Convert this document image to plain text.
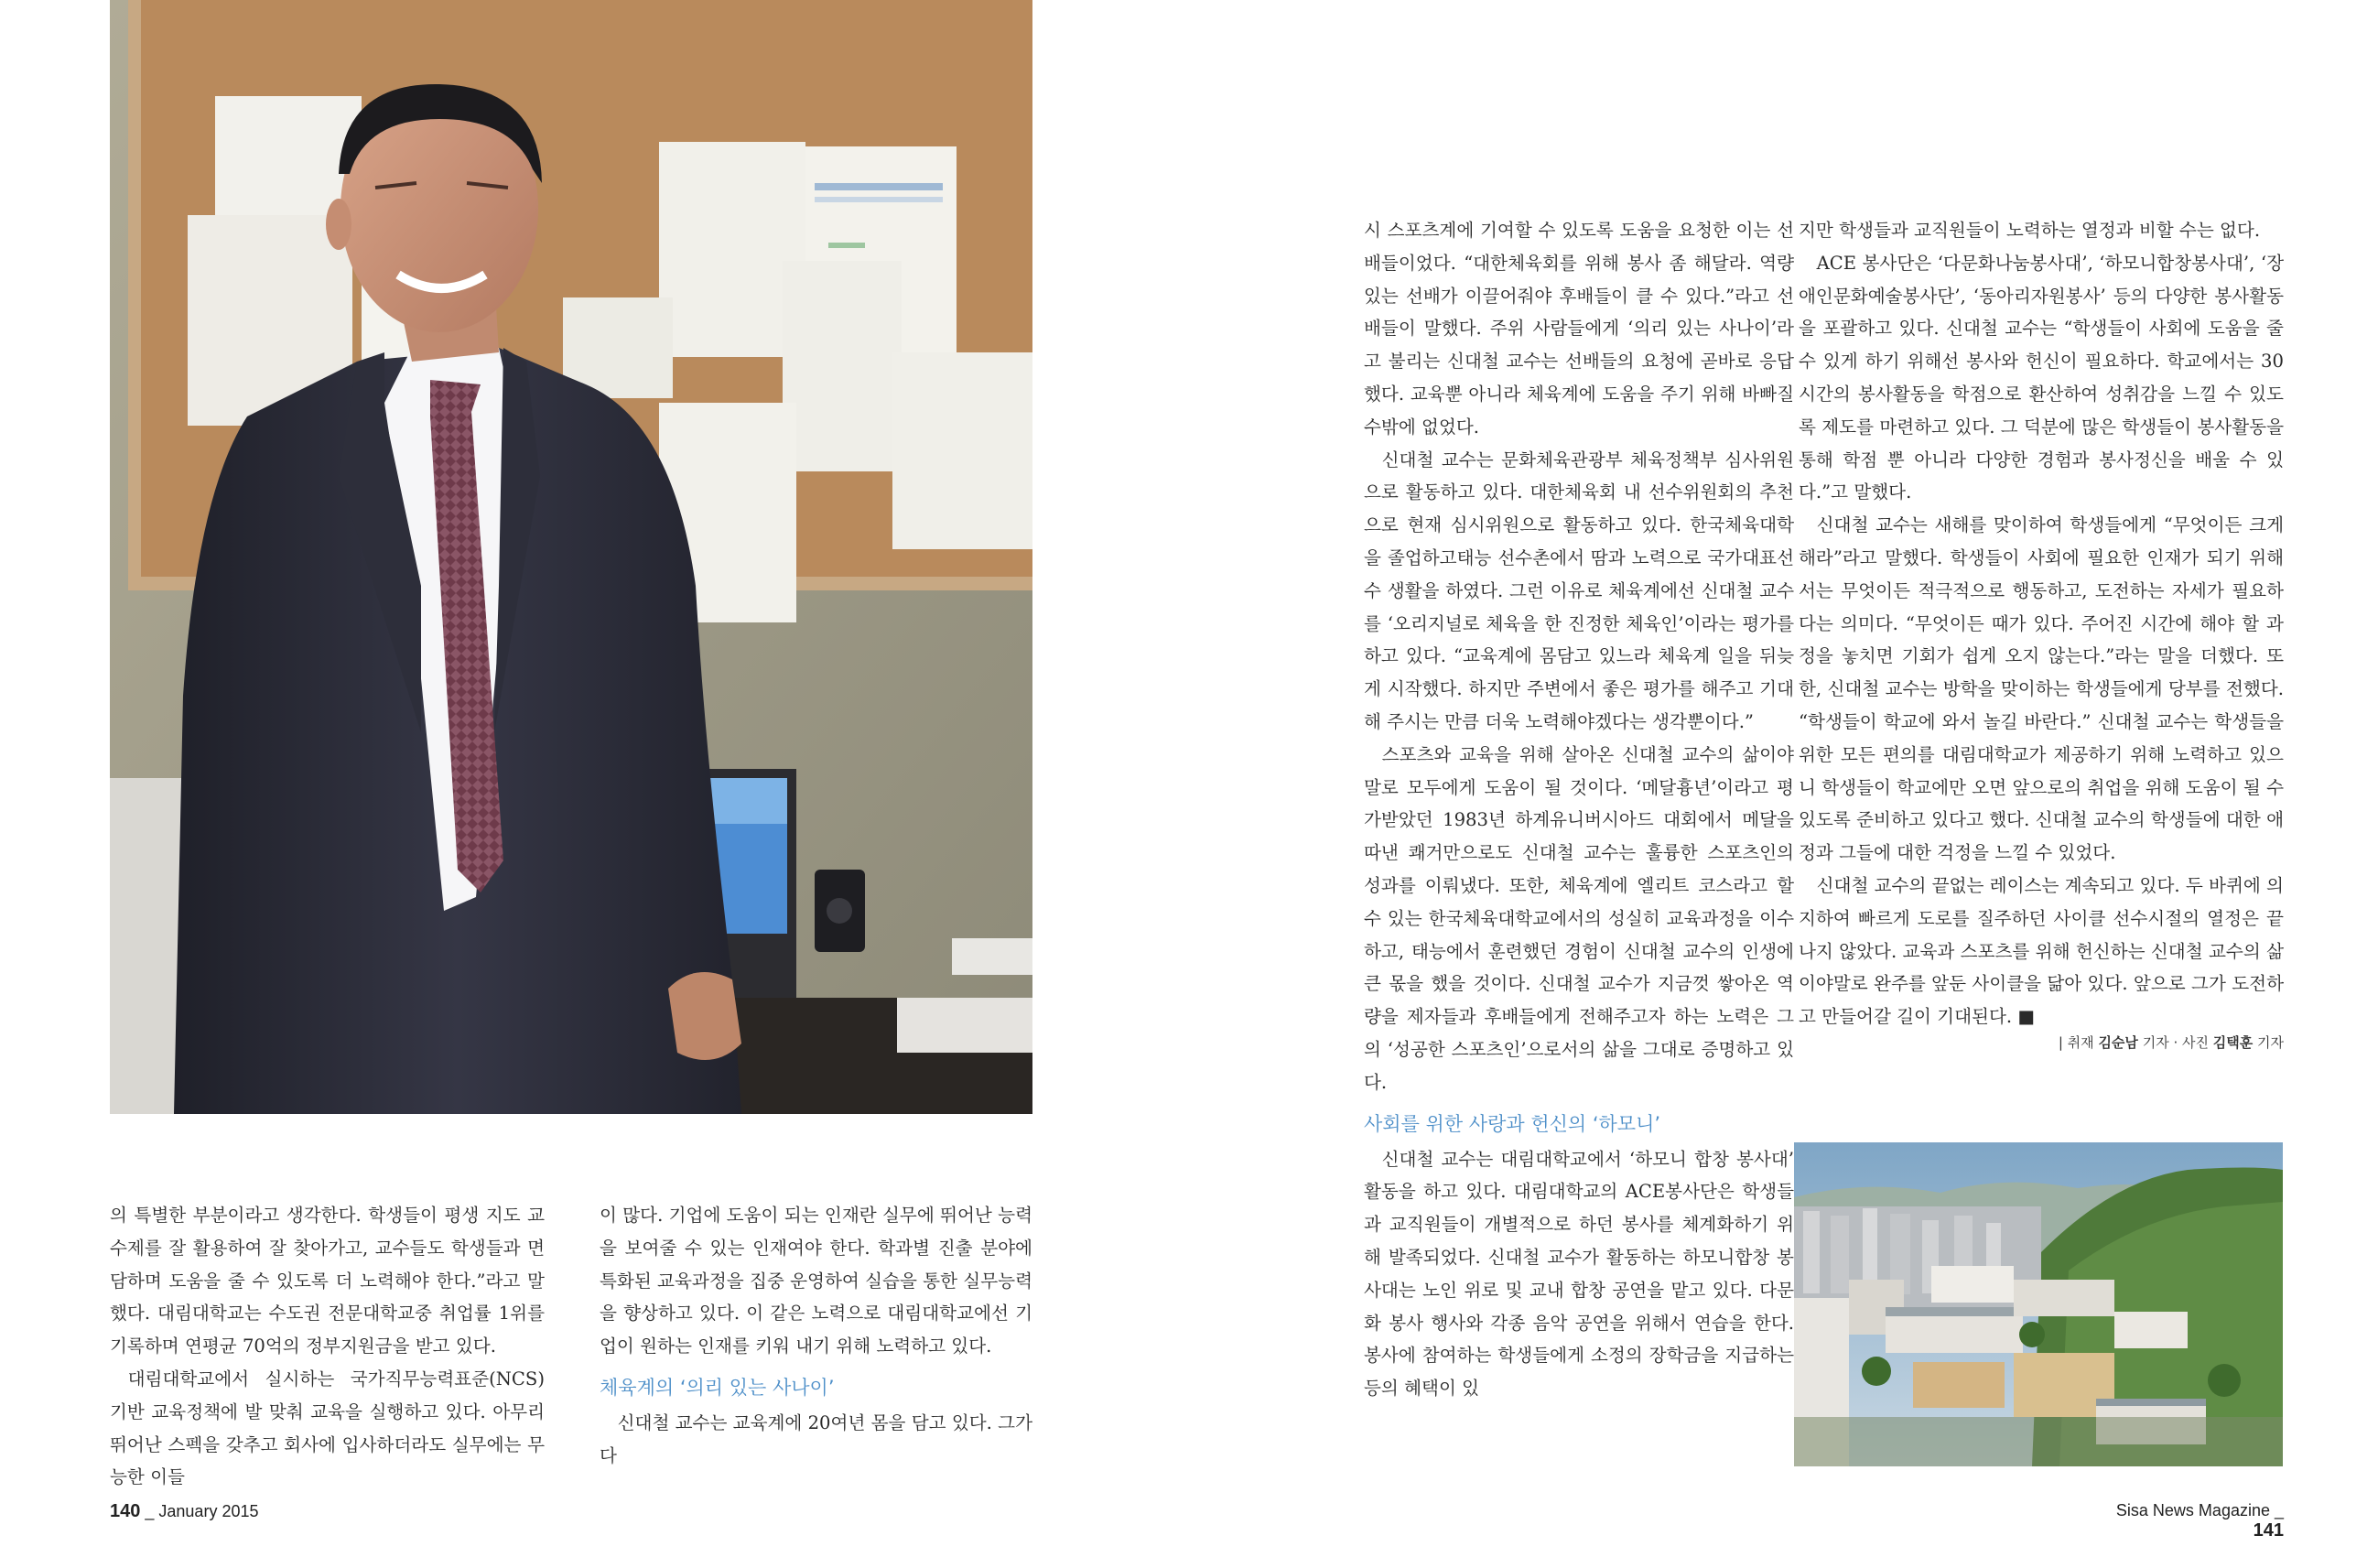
의 특별한 부분이라고 생각한다. 학생들이 평생 지도 교수제를 잘 활용하여 잘 찾아가고, 교수들도 학생들과 면담하며 도움을 줄 수 있도록 더 노력해야 한다.”라고 말했다. 대림대학교는 수도권 전문대학교중 취업률 1위를 기록하며 연평균 70억의 정부지원금을 받고 있다.

대림대학교에서 실시하는 국가직무능력표준(NCS) 기반 교육정책에 발 맞춰 교육을 실행하고 있다. 아무리 뛰어난 스펙을 갖추고 회사에 입사하더라도 실무에는 무능한 이들

이 많다. 기업에 도움이 되는 인재란 실무에 뛰어난 능력을 보여줄 수 있는 인재여야 한다. 학과별 진출 분야에 특화된 교육과정을 집중 운영하여 실습을 통한 실무능력을 향상하고 있다. 이 같은 노력으로 대림대학교에선 기업이 원하는 인재를 키워 내기 위해 노력하고 있다.

체육계의 ‘의리 있는 사나이’

신대철 교수는 교육계에 20여년 몸을 담고 있다. 그가 다

시 스포츠계에 기여할 수 있도록 도움을 요청한 이는 선배들이었다. “대한체육회를 위해 봉사 좀 해달라. 역량 있는 선배가 이끌어줘야 후배들이 클 수 있다.”라고 선배들이 말했다. 주위 사람들에게 ‘의리 있는 사나이’라고 불리는 신대철 교수는 선배들의 요청에 곧바로 응답했다. 교육뿐 아니라 체육계에 도움을 주기 위해 바빠질 수밖에 없었다.

신대철 교수는 문화체육관광부 체육정책부 심사위원으로 활동하고 있다. 대한체육회 내 선수위원회의 추천으로 현재 심시위원으로 활동하고 있다. 한국체육대학을 졸업하고태능 선수촌에서 땀과 노력으로 국가대표선수 생활을 하였다. 그런 이유로 체육계에선 신대철 교수를 ‘오리지널로 체육을 한 진정한 체육인’이라는 평가를 하고 있다. “교육계에 몸담고 있느라 체육계 일을 뒤늦게 시작했다. 하지만 주변에서 좋은 평가를 해주고 기대해 주시는 만큼 더욱 노력해야겠다는 생각뿐이다.”

스포츠와 교육을 위해 살아온 신대철 교수의 삶이야말로 모두에게 도움이 될 것이다. ‘메달흉년’이라고 평가받았던 1983년 하계유니버시아드 대회에서 메달을 따낸 쾌거만으로도 신대철 교수는 훌륭한 스포츠인의 성과를 이뤄냈다. 또한, 체육계에 엘리트 코스라고 할 수 있는 한국체육대학교에서의 성실히 교육과정을 이수하고, 태능에서 훈련했던 경험이 신대철 교수의 인생에 큰 몫을 했을 것이다. 신대철 교수가 지금껏 쌓아온 역량을 제자들과 후배들에게 전해주고자 하는 노력은 그의 ‘성공한 스포츠인’으로서의 삶을 그대로 증명하고 있다.

사회를 위한 사랑과 헌신의 ‘하모니’

신대철 교수는 대림대학교에서 ‘하모니 합창 봉사대’ 활동을 하고 있다. 대림대학교의 ACE봉사단은 학생들과 교직원들이 개별적으로 하던 봉사를 체계화하기 위해 발족되었다. 신대철 교수가 활동하는 하모니합창 봉사대는 노인 위로 및 교내 합창 공연을 맡고 있다. 다문화 봉사 행사와 각종 음악 공연을 위해서 연습을 한다. 봉사에 참여하는 학생들에게 소정의 장학금을 지급하는 등의 혜택이 있

지만 학생들과 교직원들이 노력하는 열정과 비할 수는 없다.

ACE 봉사단은 ‘다문화나눔봉사대’, ‘하모니합창봉사대’, ‘장애인문화예술봉사단’, ‘동아리자원봉사’ 등의 다양한 봉사활동을 포괄하고 있다. 신대철 교수는 “학생들이 사회에 도움을 줄 수 있게 하기 위해선 봉사와 헌신이 필요하다. 학교에서는 30시간의 봉사활동을 학점으로 환산하여 성취감을 느낄 수 있도록 제도를 마련하고 있다. 그 덕분에 많은 학생들이 봉사활동을 통해 학점 뿐 아니라 다양한 경험과 봉사정신을 배울 수 있다.”고 말했다.

신대철 교수는 새해를 맞이하여 학생들에게 “무엇이든 크게 해라”라고 말했다. 학생들이 사회에 필요한 인재가 되기 위해서는 무엇이든 적극적으로 행동하고, 도전하는 자세가 필요하다는 의미다. “무엇이든 때가 있다. 주어진 시간에 해야 할 과정을 놓치면 기회가 쉽게 오지 않는다.”라는 말을 더했다. 또한, 신대철 교수는 방학을 맞이하는 학생들에게 당부를 전했다. “학생들이 학교에 와서 놀길 바란다.” 신대철 교수는 학생들을 위한 모든 편의를 대림대학교가 제공하기 위해 노력하고 있으니 학생들이 학교에만 오면 앞으로의 취업을 위해 도움이 될 수 있도록 준비하고 있다고 했다. 신대철 교수의 학생들에 대한 애정과 그들에 대한 걱정을 느낄 수 있었다.

신대철 교수의 끝없는 레이스는 계속되고 있다. 두 바퀴에 의지하여 빠르게 도로를 질주하던 사이클 선수시절의 열정은 끝나지 않았다. 교육과 스포츠를 위해 헌신하는 신대철 교수의 삶이야말로 완주를 앞둔 사이클을 닮아 있다. 앞으로 그가 도전하고 만들어갈 길이 기대된다. ■

| 취재 김순남 기자 · 사진 김택훈 기자
140 _ January 2015	Sisa News Magazine _ 141
